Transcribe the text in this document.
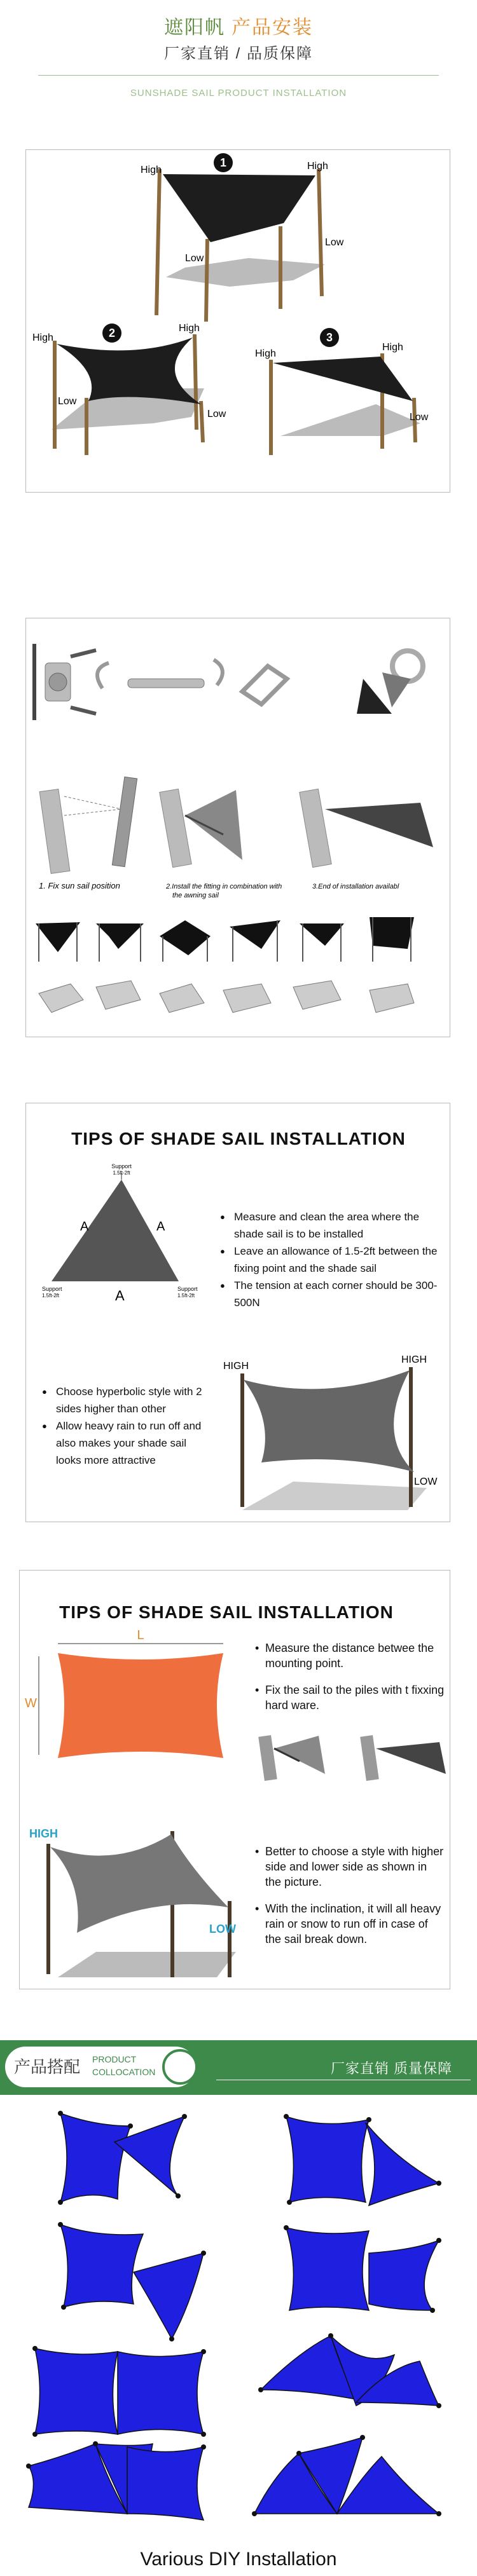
遮阳帆 产品安装
厂家直销 / 品质保障
SUNSHADE SAIL PRODUCT INSTALLATION
1
High	High
Low
Low
2
High
High
Low
Low
3
High
High
Low
1. Fix sun sail position	2.Install the fitting in combination with the awning sail
3.End of installation availabl
TIPS OF SHADE SAIL INSTALLATION
Support
1.5ft-2ft
Support
1.5ft-2ft
Support
1.5ft-2ft
A	A
A
● Measure and clean the area where the shade sail is to be installed
● Leave an allowance of 1.5-2ft between the fixing point and the shade sail
● The tension at each corner should be 300-500N
● Choose hyperbolic style with 2 sides higher than other
● Allow heavy rain to run off and also makes your shade sail looks more attractive
HIGH
HIGH
LOW
TIPS OF SHADE SAIL INSTALLATION
L
W
• Measure the distance betwee the mounting point.
• Fix the sail to the piles with t fixxing hard ware.
HIGH
LOW
• Better to choose a style with higher side and lower side as shown in the picture.
• With the inclination, it will all heavy rain or snow to run off in case of the sail break down.
产品搭配 PRODUCT
COLLOCATION	厂家直销 质量保障
Various DIY Installation
